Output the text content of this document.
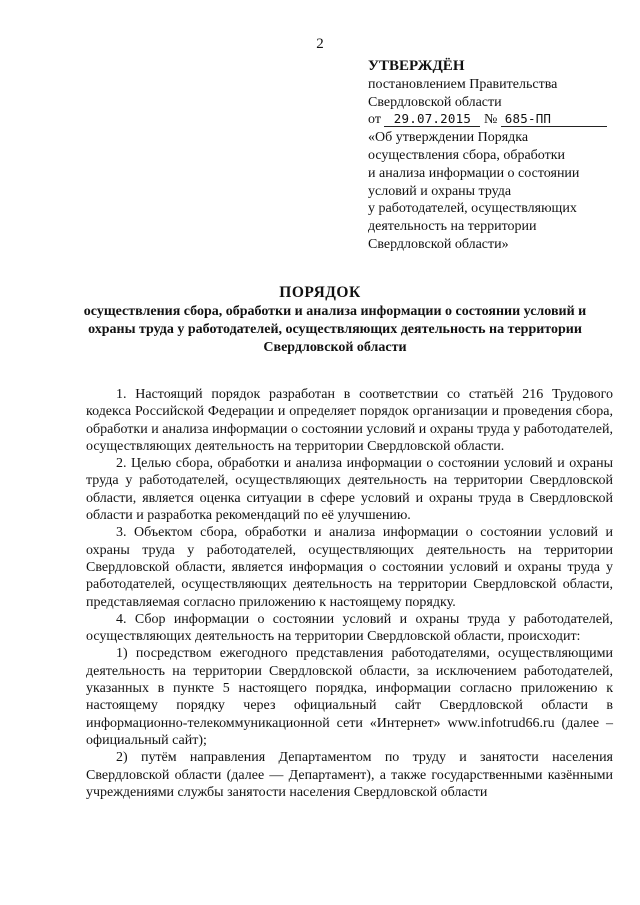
2
УТВЕРЖДЁН
постановлением Правительства
Свердловской области
от 29.07.2015 № 685-ПП
«Об утверждении Порядка
осуществления сбора, обработки
и анализа информации о состоянии
условий и охраны труда
у работодателей, осуществляющих
деятельность на территории
Свердловской области»
ПОРЯДОК
осуществления сбора, обработки и анализа информации о состоянии условий и охраны труда у работодателей, осуществляющих деятельность на территории Свердловской области

1. Настоящий порядок разработан в соответствии со статьёй 216 Трудового кодекса Российской Федерации и определяет порядок организации и проведения сбора, обработки и анализа информации о состоянии условий и охраны труда у работодателей, осуществляющих деятельность на территории Свердловской области.

2. Целью сбора, обработки и анализа информации о состоянии условий и охраны труда у работодателей, осуществляющих деятельность на территории Свердловской области, является оценка ситуации в сфере условий и охраны труда в Свердловской области и разработка рекомендаций по её улучшению.

3. Объектом сбора, обработки и анализа информации о состоянии условий и охраны труда у работодателей, осуществляющих деятельность на территории Свердловской области, является информация о состоянии условий и охраны труда у работодателей, осуществляющих деятельность на территории Свердловской области, представляемая согласно приложению к настоящему порядку.

4. Сбор информации о состоянии условий и охраны труда у работодателей, осуществляющих деятельность на территории Свердловской области, происходит:

1) посредством ежегодного представления работодателями, осуществляющими деятельность на территории Свердловской области, за исключением работодателей, указанных в пункте 5 настоящего порядка, информации согласно приложению к настоящему порядку через официальный сайт Свердловской области в информационно-телекоммуникационной сети «Интернет» www.infotrud66.ru (далее – официальный сайт);

2) путём направления Департаментом по труду и занятости населения Свердловской области (далее — Департамент), а также государственными казёнными учреждениями службы занятости населения Свердловской области
